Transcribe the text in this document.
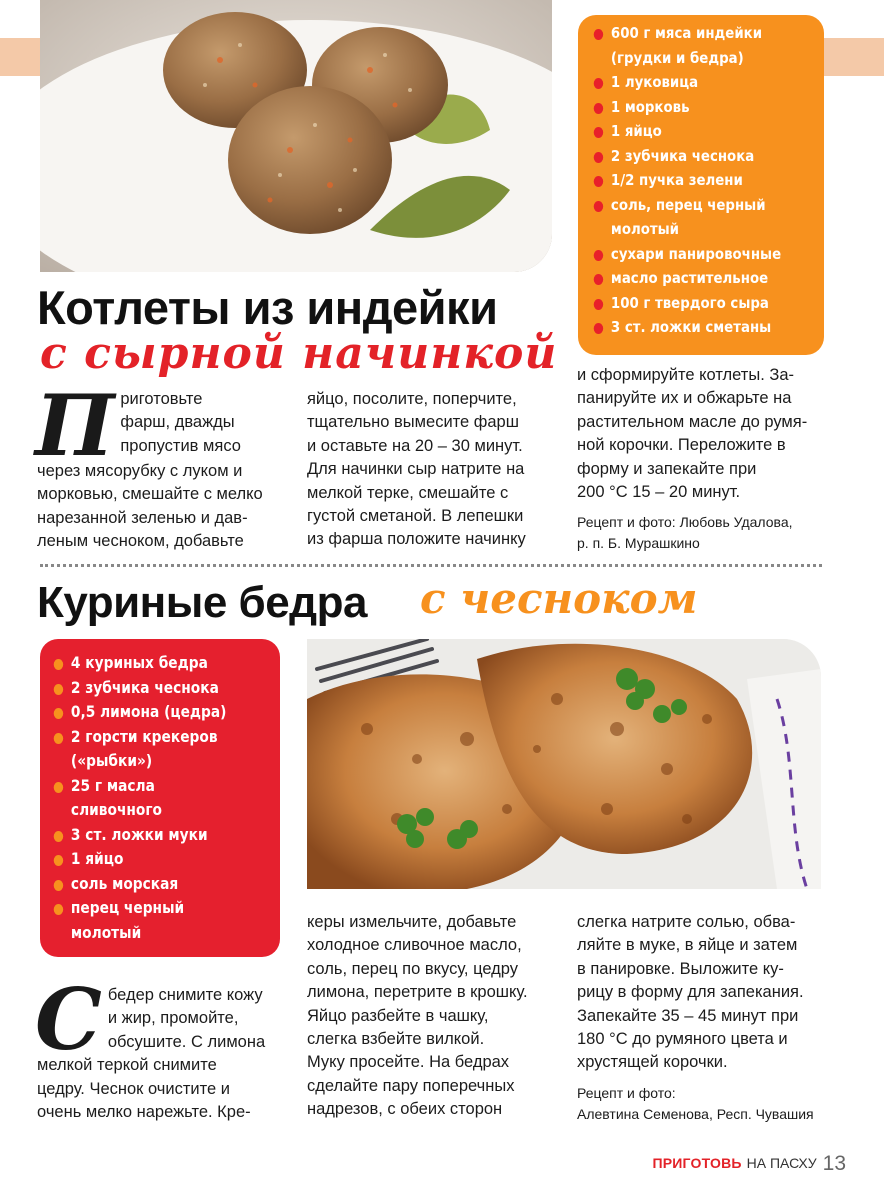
600 г мяса индейки
(грудки и бедра)
1 луковица
1 морковь
1 яйцо
2 зубчика чеснока
1/2 пучка зелени
соль, перец черный
молотый
сухари панировочные
масло растительное
100 г твердого сыра
3 ст. ложки сметаны
Котлеты из индейки
с сырной начинкой
П риготовьте
фарш, дважды
пропустив мясо
через мясорубку с луком и
морковью, смешайте с мелко
нарезанной зеленью и дав-
леным чесноком, добавьте
яйцо, посолите, поперчите,
тщательно вымесите фарш
и оставьте на 20 – 30 минут.
Для начинки сыр натрите на
мелкой терке, смешайте с
густой сметаной. В лепешки
из фарша положите начинку
и сформируйте котлеты. За-
панируйте их и обжарьте на
растительном масле до румя-
ной корочки. Переложите в
форму и запекайте при
200 °С 15 – 20 минут.
Рецепт и фото: Любовь Удалова,
р. п. Б. Мурашкино
Куриные бедра с чесноком
4 куриных бедра
2 зубчика чеснока
0,5 лимона (цедра)
2 горсти крекеров
(«рыбки»)
25 г масла
сливочного
3 ст. ложки муки
1 яйцо
соль морская
перец черный
молотый
С бедер снимите кожу
и жир, промойте,
обсушите. С лимона
мелкой теркой снимите
цедру. Чеснок очистите и
очень мелко нарежьте. Кре-
керы измельчите, добавьте
холодное сливочное масло,
соль, перец по вкусу, цедру
лимона, перетрите в крошку.
Яйцо разбейте в чашку,
слегка взбейте вилкой.
Муку просейте. На бедрах
сделайте пару поперечных
надрезов, с обеих сторон
слегка натрите солью, обва-
ляйте в муке, в яйце и затем
в панировке. Выложите ку-
рицу в форму для запекания.
Запекайте 35 – 45 минут при
180 °С до румяного цвета и
хрустящей корочки.
Рецепт и фото:
Алевтина Семенова, Респ. Чувашия
ПРИГОТОВЬ НА ПАСХУ 13
